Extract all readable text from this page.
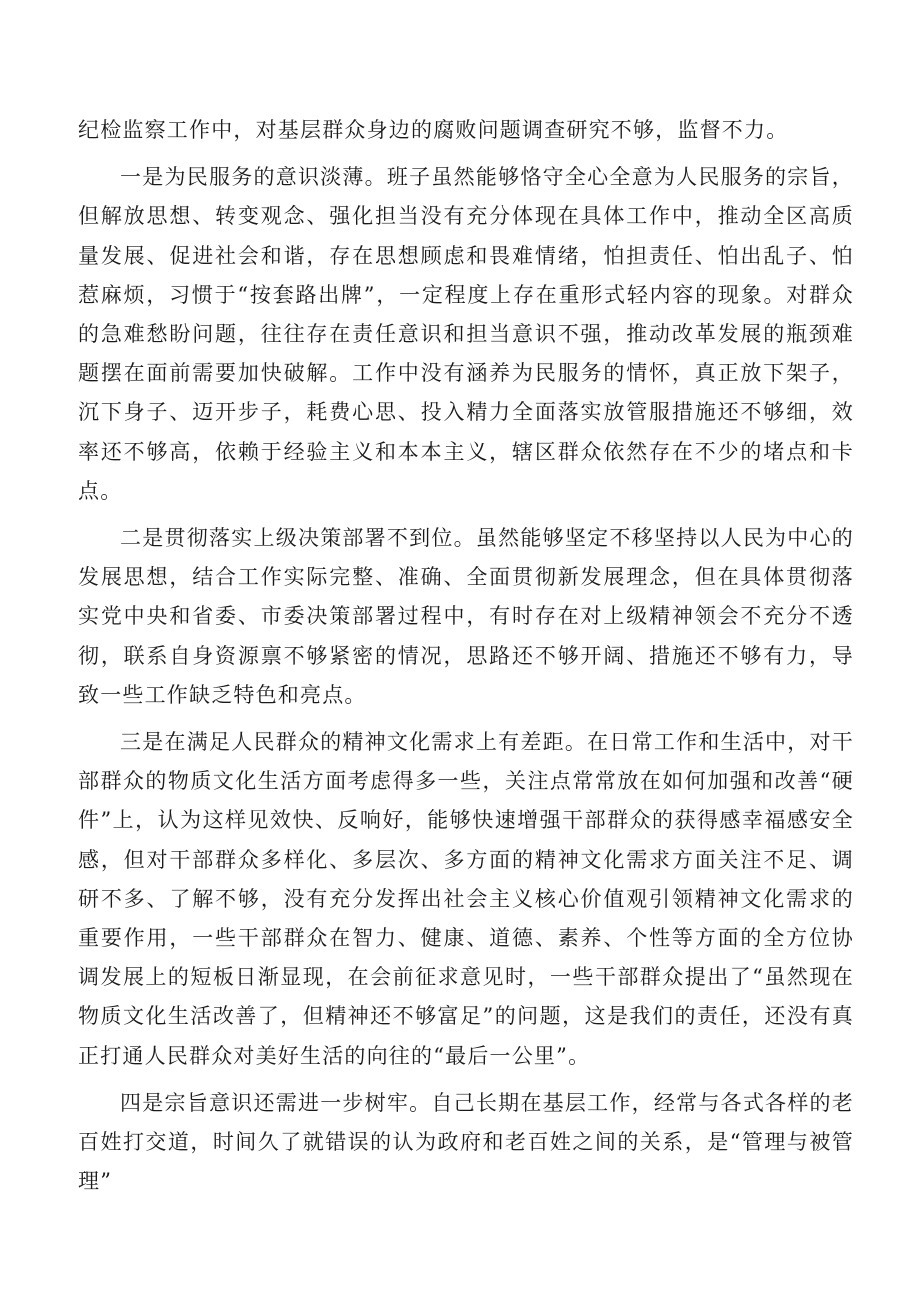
纪检监察工作中，对基层群众身边的腐败问题调查研究不够，监督不力。

一是为民服务的意识淡薄。班子虽然能够恪守全心全意为人民服务的宗旨，但解放思想、转变观念、强化担当没有充分体现在具体工作中，推动全区高质量发展、促进社会和谐，存在思想顾虑和畏难情绪，怕担责任、怕出乱子、怕惹麻烦，习惯于“按套路出牌”，一定程度上存在重形式轻内容的现象。对群众的急难愁盼问题，往往存在责任意识和担当意识不强，推动改革发展的瓶颈难题摆在面前需要加快破解。工作中没有涵养为民服务的情怀，真正放下架子，沉下身子、迈开步子，耗费心思、投入精力全面落实放管服措施还不够细，效率还不够高，依赖于经验主义和本本主义，辖区群众依然存在不少的堵点和卡点。

二是贯彻落实上级决策部署不到位。虽然能够坚定不移坚持以人民为中心的发展思想，结合工作实际完整、准确、全面贯彻新发展理念，但在具体贯彻落实党中央和省委、市委决策部署过程中，有时存在对上级精神领会不充分不透彻，联系自身资源禀不够紧密的情况，思路还不够开阔、措施还不够有力，导致一些工作缺乏特色和亮点。

三是在满足人民群众的精神文化需求上有差距。在日常工作和生活中，对干部群众的物质文化生活方面考虑得多一些，关注点常常放在如何加强和改善“硬件”上，认为这样见效快、反响好，能够快速增强干部群众的获得感幸福感安全感，但对干部群众多样化、多层次、多方面的精神文化需求方面关注不足、调研不多、了解不够，没有充分发挥出社会主义核心价值观引领精神文化需求的重要作用，一些干部群众在智力、健康、道德、素养、个性等方面的全方位协调发展上的短板日渐显现，在会前征求意见时，一些干部群众提出了“虽然现在物质文化生活改善了，但精神还不够富足”的问题，这是我们的责任，还没有真正打通人民群众对美好生活的向往的“最后一公里”。

四是宗旨意识还需进一步树牢。自己长期在基层工作，经常与各式各样的老百姓打交道，时间久了就错误的认为政府和老百姓之间的关系，是“管理与被管理”
